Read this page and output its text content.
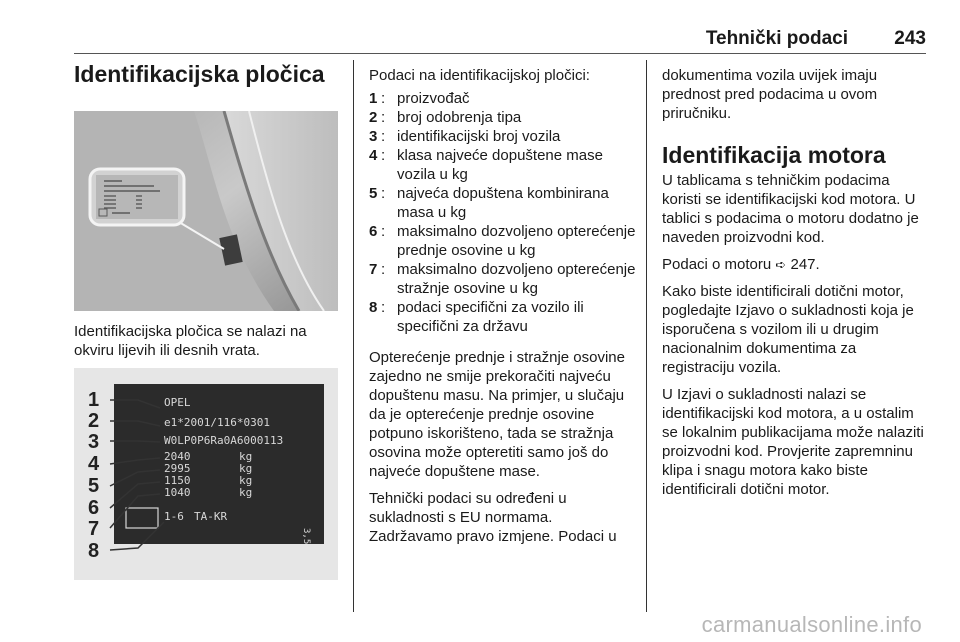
Tehnički podaci 243
Identifikacijska pločica

Identifikacijska pločica se nalazi na okviru lijevih ili desnih vrata.

OPEL
e1*2001/116*0301
W0LP0P6Ra0A6000113
2040
2995
1150
1040
kg
kg
kg
kg
1-6 TA-KR
3,5
1
2
3
4
5
6
7
8

Podaci na identifikacijskoj pločici:

1 : proizvođač
2 : broj odobrenja tipa
3 : identifikacijski broj vozila
4 : klasa najveće dopuštene mase vozila u kg
5 : najveća dopuštena kombinirana masa u kg
6 : maksimalno dozvoljeno opterećenje prednje osovine u kg
7 : maksimalno dozvoljeno opterećenje stražnje osovine u kg
8 : podaci specifični za vozilo ili specifični za državu

Opterećenje prednje i stražnje osovine zajedno ne smije prekoračiti najveću dopuštenu masu. Na primjer, u slučaju da je opterećenje prednje osovine potpuno iskorišteno, tada se stražnja osovina može opteretiti samo još do najveće dopuštene mase.

Tehnički podaci su određeni u sukladnosti s EU normama. Zadržavamo pravo izmjene. Podaci u

dokumentima vozila uvijek imaju prednost pred podacima u ovom priručniku.

Identifikacija motora

U tablicama s tehničkim podacima koristi se identifikacijski kod motora. U tablici s podacima o motoru dodatno je naveden proizvodni kod.

Podaci o motoru ➪ 247.

Kako biste identificirali dotični motor, pogledajte Izjavo o sukladnosti koja je isporučena s vozilom ili u drugim nacionalnim dokumentima za registraciju vozila.

U Izjavi o sukladnosti nalazi se identifikacijski kod motora, a u ostalim se lokalnim publikacijama može nalaziti proizvodni kod. Provjerite zapremninu klipa i snagu motora kako biste identificirali dotični motor.

carmanualsonline.info
